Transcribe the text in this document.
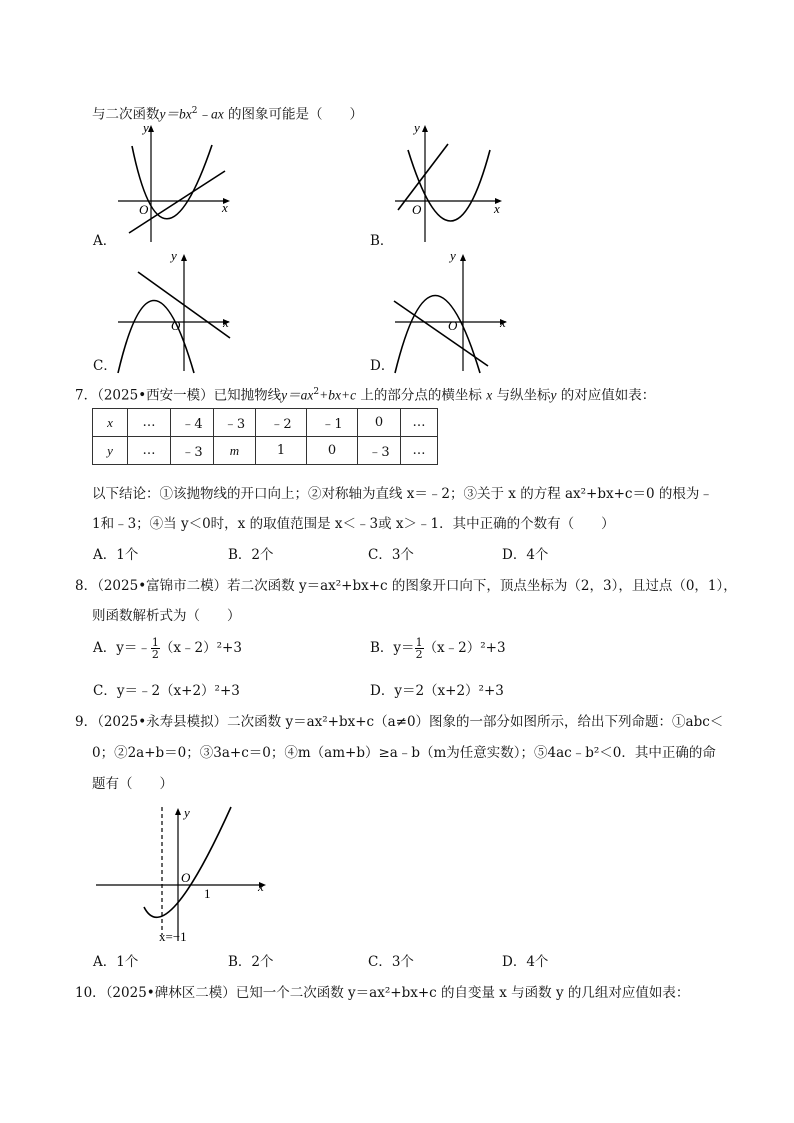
与二次函数$y=bx^2﹣ax$ 的图象可能是（　　）
y
x
O
A．
y
x
O
B．
y
x
O
C．
y
x
O
D．
7．（2025•西安一模）已知抛物线$y=ax^2+bx+c$ 上的部分点的横坐标 x 与纵坐标y 的对应值如表：
x	…	﹣4	﹣3	﹣2	﹣1	0	…
y	…	﹣3	m	1	0	﹣3	…
以下结论：①该抛物线的开口向上；②对称轴为直线 x＝﹣2；③关于 x 的方程 ax²+bx+c＝0 的根为﹣
1和﹣3；④当 y＜0时，x 的取值范围是 x＜﹣3或 x＞﹣1．其中正确的个数有（　　）
A．1个	B．2个	C．3个	D．4个
8．（2025•富锦市二模）若二次函数 y＝ax²+bx+c 的图象开口向下，顶点坐标为（2，3），且过点（0，1），
则函数解析式为（　　）
A．y＝﹣ $\frac{1}{2}$ （x﹣2）²+3	B．$y= \frac{1}{2}$ （x﹣2）²+3
C．y＝﹣2（x+2）²+3	D．y＝2（x+2）²+3
9．（2025•永寿县模拟）二次函数 y＝ax²+bx+c（a≠0）图象的一部分如图所示，给出下列命题：①abc＜
0；②2a+b＝0；③3a+c＝0；④m（am+b）≥a﹣b（m为任意实数）；⑤4ac﹣b²＜0．其中正确的命
题有（　　）
y
x
O
1
x=−1
A．1个	B．2个	C．3个	D．4个
10．（2025•碑林区二模）已知一个二次函数 y＝ax²+bx+c 的自变量 x 与函数 y 的几组对应值如表：
